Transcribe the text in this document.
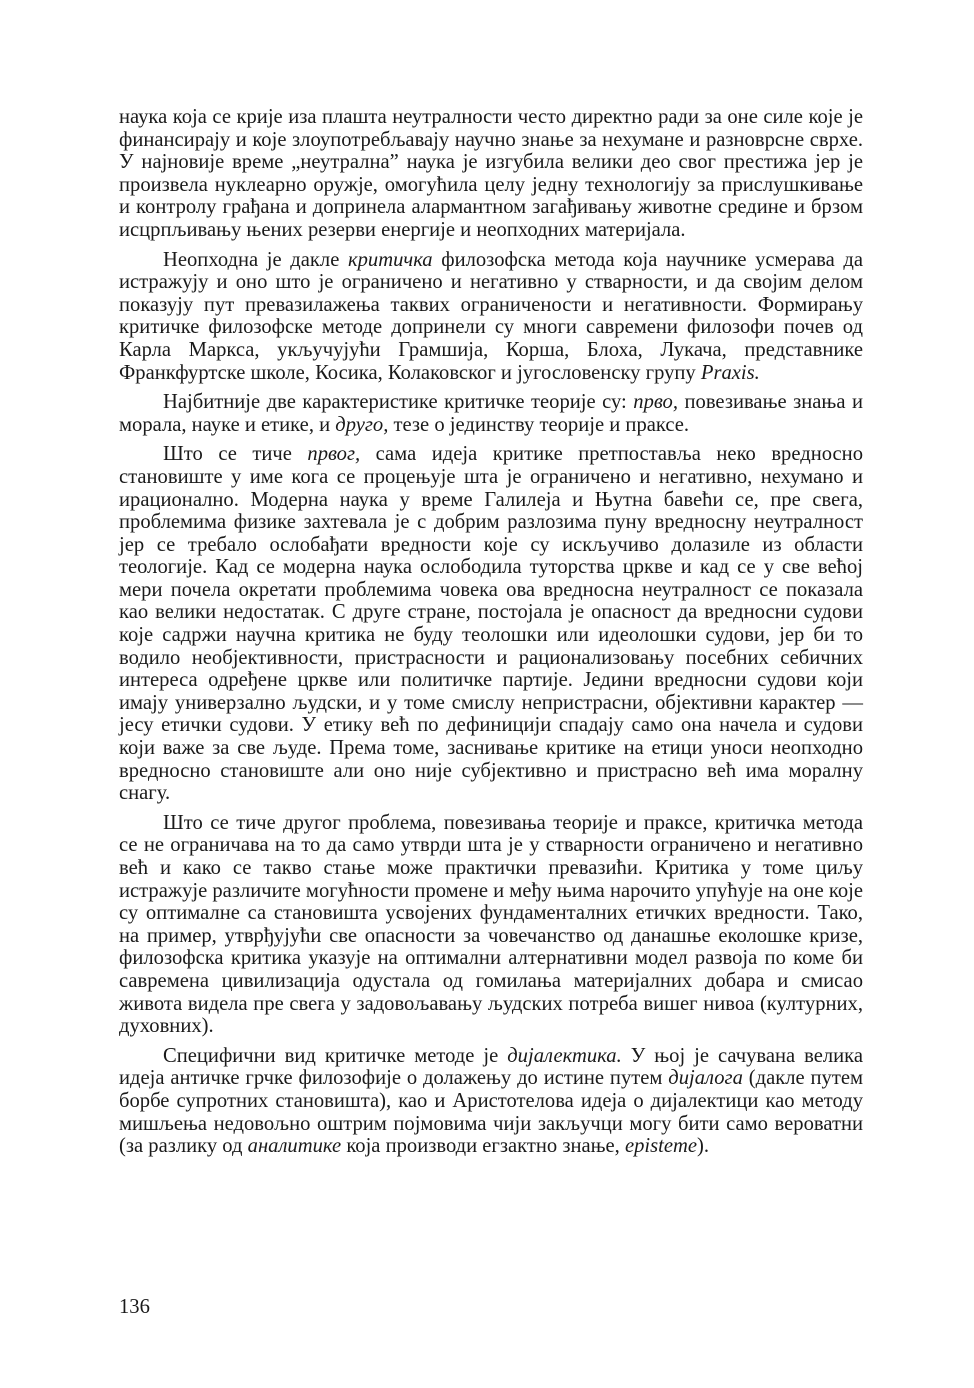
наука која се крије иза плашта неутралности често директно ради за оне силе које је финансирају и које злоупотребљавају научно знање за нехумане и разноврсне сврхе. У најновије време „неутрална” наука је изгубила велики део свог престижа јер је произвела нуклеарно оружје, омогућила целу једну технологију за прислушкивање и контролу грађана и допринела алармантном загађивању животне средине и брзом исцрпљивању њених резерви енергије и неопходних материјала.

Неопходна је дакле критичка филозофска метода која научнике усмерава да истражују и оно што је ограничено и негативно у стварности, и да својим делом показују пут превазилажења таквих ограничености и негативности. Формирању критичке филозофске методе допринели су многи савремени филозофи почев од Карла Маркса, укључујући Грамшија, Корша, Блоха, Лукача, представнике Франкфуртске школе, Косика, Колаковског и југословенску групу Praxis.

Најбитније две карактеристике критичке теорије су: прво, повезивање знања и морала, науке и етике, и друго, тезе о јединству теорије и праксе.

Што се тиче првог, сама идеја критике претпоставља неко вредносно становиште у име кога се процењује шта је ограничено и негативно, нехумано и ирационално. Модерна наука у време Галилеја и Њутна бавећи се, пре свега, проблемима физике захтевала је с добрим разлозима пуну вредносну неутралност јер се требало ослобађати вредности које су искључиво долазиле из области теологије. Кад се модерна наука ослободила туторства цркве и кад се у све већој мери почела окретати проблемима човека ова вредносна неутралност се показала као велики недостатак. С друге стране, постојала је опасност да вредносни судови које садржи научна критика не буду теолошки или идеолошки судови, јер би то водило необјективности, пристрасности и рационализовању посебних себичних интереса одређене цркве или политичке партије. Једини вредносни судови који имају универзално људски, и у томе смислу непристрасни, објективни карактер — јесу етички судови. У етику већ по дефиницији спадају само она начела и судови који важе за све људе. Према томе, заснивање критике на етици уноси неопходно вредносно становиште али оно није субјективно и пристрасно већ има моралну снагу.

Што се тиче другог проблема, повезивања теорије и праксе, критичка метода се не ограничава на то да само утврди шта је у стварности ограничено и негативно већ и како се такво стање може практички превазићи. Критика у томе циљу истражује различите могућности промене и међу њима нарочито упућује на оне које су оптималне са становишта усвојених фундаменталних етичких вредности. Тако, на пример, утврђујући све опасности за човечанство од данашње еколошке кризе, филозофска критика указује на оптимални алтернативни модел развоја по коме би савремена цивилизација одустала од гомилања материјалних добара и смисао живота видела пре свега у задовољавању људских потреба вишег нивоа (културних, духовних).

Специфични вид критичке методе је дијалектика. У њој је сачувана велика идеја античке грчке филозофије о долажењу до истине путем дијалога (дакле путем борбе супротних становишта), као и Аристотелова идеја о дијалектици као методу мишљења недовољно оштрим појмовима чији закључци могу бити само вероватни (за разлику од аналитике која производи егзактно знање, episteme).

136
